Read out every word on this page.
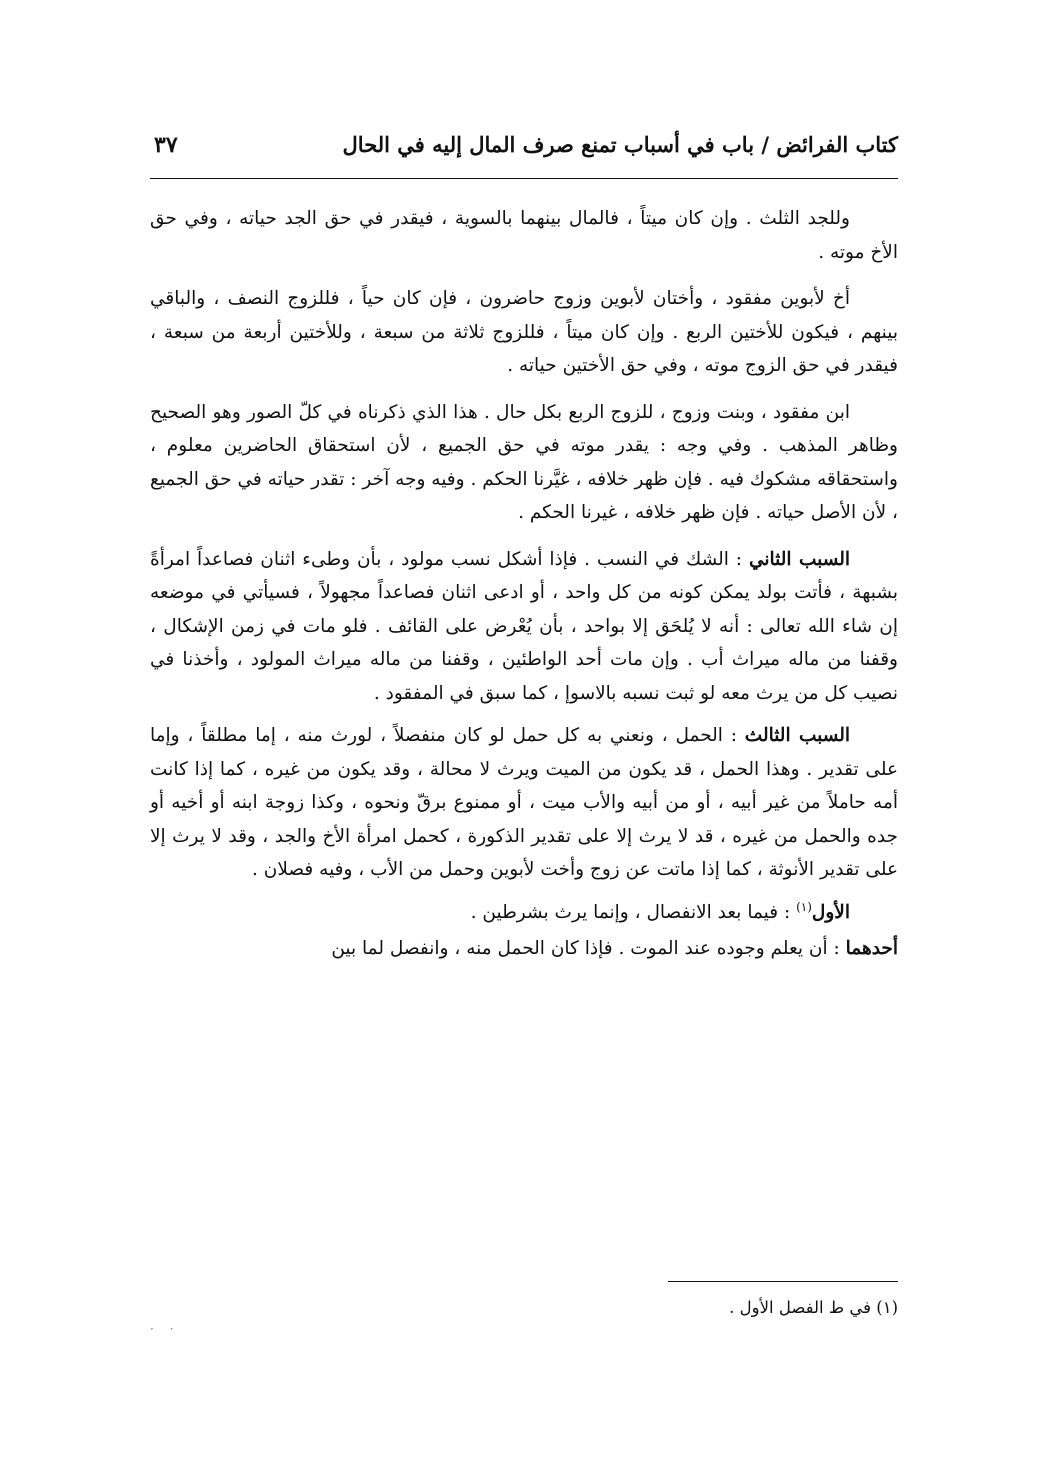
كتاب الفرائض / باب في أسباب تمنع صرف المال إليه في الحال
٣٧

وللجد الثلث . وإن كان ميتاً ، فالمال بينهما بالسوية ، فيقدر في حق الجد حياته ، وفي حق الأخ موته .

أخ لأبوين مفقود ، وأختان لأبوين وزوج حاضرون ، فإن كان حياً ، فللزوج النصف ، والباقي بينهم ، فيكون للأختين الربع . وإن كان ميتاً ، فللزوج ثلاثة من سبعة ، وللأختين أربعة من سبعة ، فيقدر في حق الزوج موته ، وفي حق الأختين حياته .

ابن مفقود ، وبنت وزوج ، للزوج الربع بكل حال . هذا الذي ذكرناه في كلّ الصور وهو الصحيح وظاهر المذهب . وفي وجه : يقدر موته في حق الجميع ، لأن استحقاق الحاضرين معلوم ، واستحقاقه مشكوك فيه . فإن ظهر خلافه ، غيَّرنا الحكم . وفيه وجه آخر : تقدر حياته في حق الجميع ، لأن الأصل حياته . فإن ظهر خلافه ، غيرنا الحكم .

السبب الثاني : الشك في النسب . فإذا أشكل نسب مولود ، بأن وطىء اثنان فصاعداً امرأةً بشبهة ، فأتت بولد يمكن كونه من كل واحد ، أو ادعى اثنان فصاعداً مجهولاً ، فسيأتي في موضعه إن شاء الله تعالى : أنه لا يُلحَق إلا بواحد ، بأن يُعْرض على القائف . فلو مات في زمن الإشكال ، وقفنا من ماله ميراث أب . وإن مات أحد الواطئين ، وقفنا من ماله ميراث المولود ، وأخذنا في نصيب كل من يرث معه لو ثبت نسبه بالاسوإ ، كما سبق في المفقود .

السبب الثالث : الحمل ، ونعني به كل حمل لو كان منفصلاً ، لورث منه ، إما مطلقاً ، وإما على تقدير . وهذا الحمل ، قد يكون من الميت ويرث لا محالة ، وقد يكون من غيره ، كما إذا كانت أمه حاملاً من غير أبيه ، أو من أبيه والأب ميت ، أو ممنوع برقّ ونحوه ، وكذا زوجة ابنه أو أخيه أو جده والحمل من غيره ، قد لا يرث إلا على تقدير الذكورة ، كحمل امرأة الأخ والجد ، وقد لا يرث إلا على تقدير الأنوثة ، كما إذا ماتت عن زوج وأخت لأبوين وحمل من الأب ، وفيه فصلان .

الأول$^{(١)}$ : فيما بعد الانفصال ، وإنما يرث بشرطين .

أحدهما : أن يعلم وجوده عند الموت . فإذا كان الحمل منه ، وانفصل لما بين

(١) في ط الفصل الأول .
· ·
